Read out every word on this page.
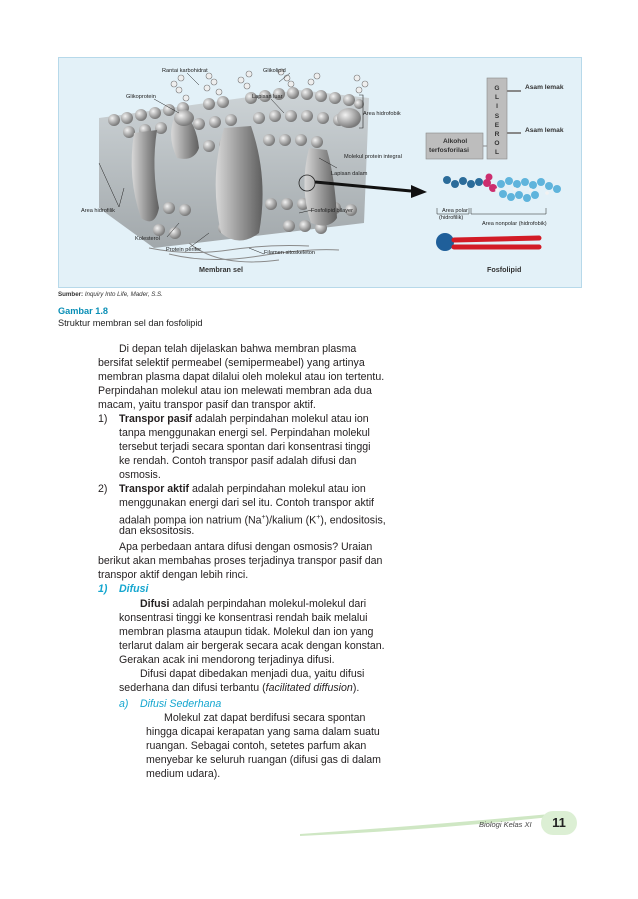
Rantai karbohidrat	Glikolipid
Glikoprotein	Lapisan luar
Area hidrofobik
Molekul protein integral
Lapisan dalam
Area hidrofilik	Fosfolipid bilayer
Kolesterol
Protein perifer	Filamen sitoskeleton
Membran sel
Alkohol
terfosforilasi
G
L
I
S
E
R
O
L
Asam lemak
Asam lemak
Area polar
(hidrofilik)
Area nonpolar (hidrofobik)
Fosfolipid
Sumber: Inquiry Into Life, Mader, S.S.
Gambar 1.8
Struktur membran sel dan fosfolipid
Di depan telah dijelaskan bahwa membran plasma
bersifat selektif permeabel (semipermeabel) yang artinya
membran plasma dapat dilalui oleh molekul atau ion tertentu.
Perpindahan molekul atau ion melewati membran ada dua
macam, yaitu transpor pasif dan transpor aktif.
1) Transpor pasif adalah perpindahan molekul atau ion
tanpa menggunakan energi sel. Perpindahan molekul
tersebut terjadi secara spontan dari konsentrasi tinggi
ke rendah. Contoh transpor pasif adalah difusi dan
osmosis.
2) Transpor aktif adalah perpindahan molekul atau ion
menggunakan energi dari sel itu. Contoh transpor aktif
adalah pompa ion natrium (Na+)/kalium (K+), endositosis,
dan eksositosis.
Apa perbedaan antara difusi dengan osmosis? Uraian
berikut akan membahas proses terjadinya transpor pasif dan
transpor aktif dengan lebih rinci.
1) Difusi
Difusi adalah perpindahan molekul-molekul dari
konsentrasi tinggi ke konsentrasi rendah baik melalui
membran plasma ataupun tidak. Molekul dan ion yang
terlarut dalam air bergerak secara acak dengan konstan.
Gerakan acak ini mendorong terjadinya difusi.
Difusi dapat dibedakan menjadi dua, yaitu difusi
sederhana dan difusi terbantu (facilitated diffusion).
a) Difusi Sederhana
Molekul zat dapat berdifusi secara spontan
hingga dicapai kerapatan yang sama dalam suatu
ruangan. Sebagai contoh, setetes parfum akan
menyebar ke seluruh ruangan (difusi gas di dalam
medium udara).
Biologi Kelas XI	11
